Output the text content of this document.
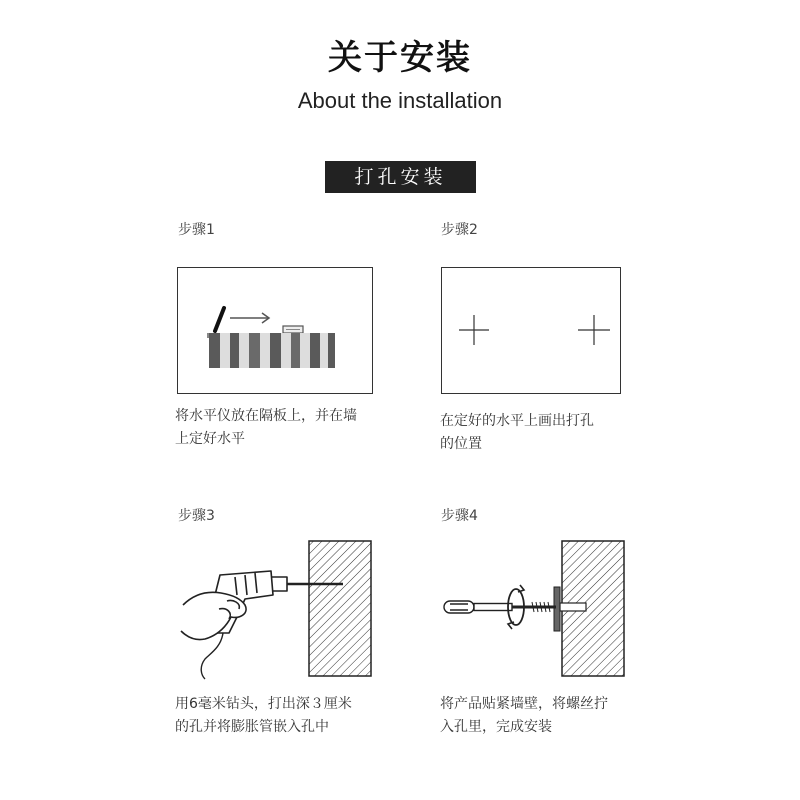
关于安装
About the installation
打孔安装
步骤1
将水平仪放在隔板上，并在墙
上定好水平
步骤2
在定好的水平上画出打孔
的位置
步骤3
用6毫米钻头，打出深３厘米
的孔并将膨胀管嵌入孔中
步骤4
将产品贴紧墙壁，将螺丝拧
入孔里，完成安装
